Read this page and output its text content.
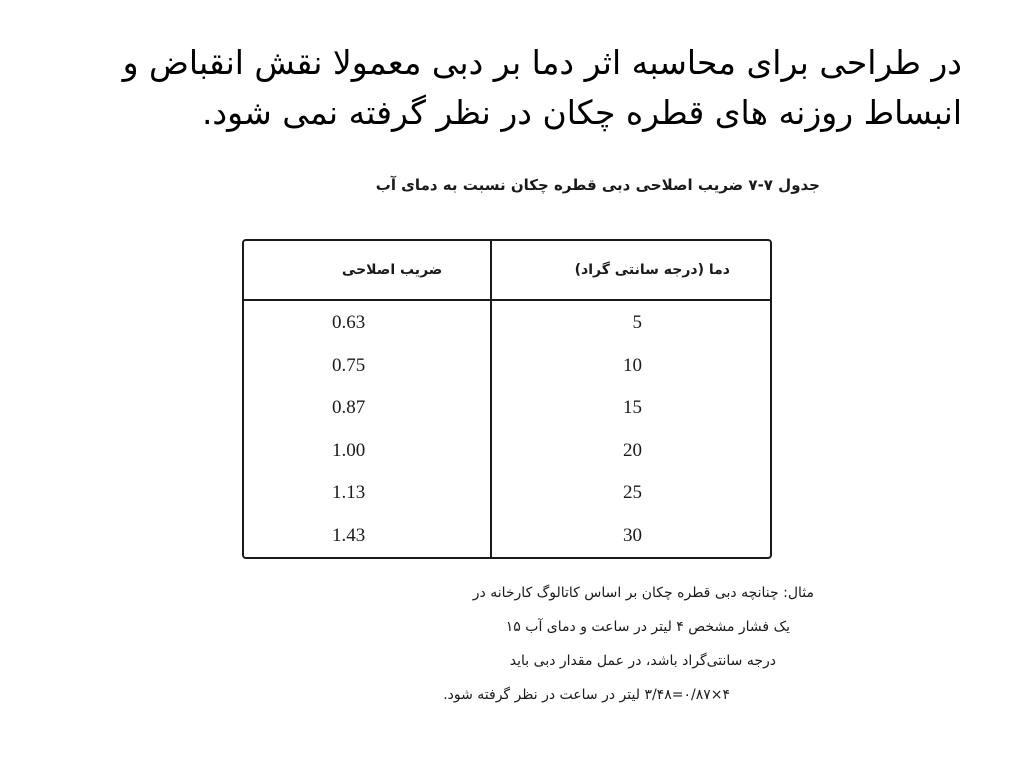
در طراحی برای محاسبه اثر دما بر دبی معمولا نقش انقباض و انبساط روزنه های قطره چکان در نظر گرفته نمی شود.
جدول ۷-۷ ضریب اصلاحی دبی قطره چکان نسبت به دمای آب
دما (درجه سانتی گراد)	ضریب اصلاحی
5	0.63
10	0.75
15	0.87
20	1.00
25	1.13
30	1.43
مثال: چنانچه دبی قطره چکان بر اساس کاتالوگ کارخانه در
یک فشار مشخص ۴ لیتر در ساعت و دمای آب ۱۵
درجه سانتی‌گراد باشد، در عمل مقدار دبی باید
۴×۰/۸۷=۳/۴۸ لیتر در ساعت در نظر گرفته شود.
